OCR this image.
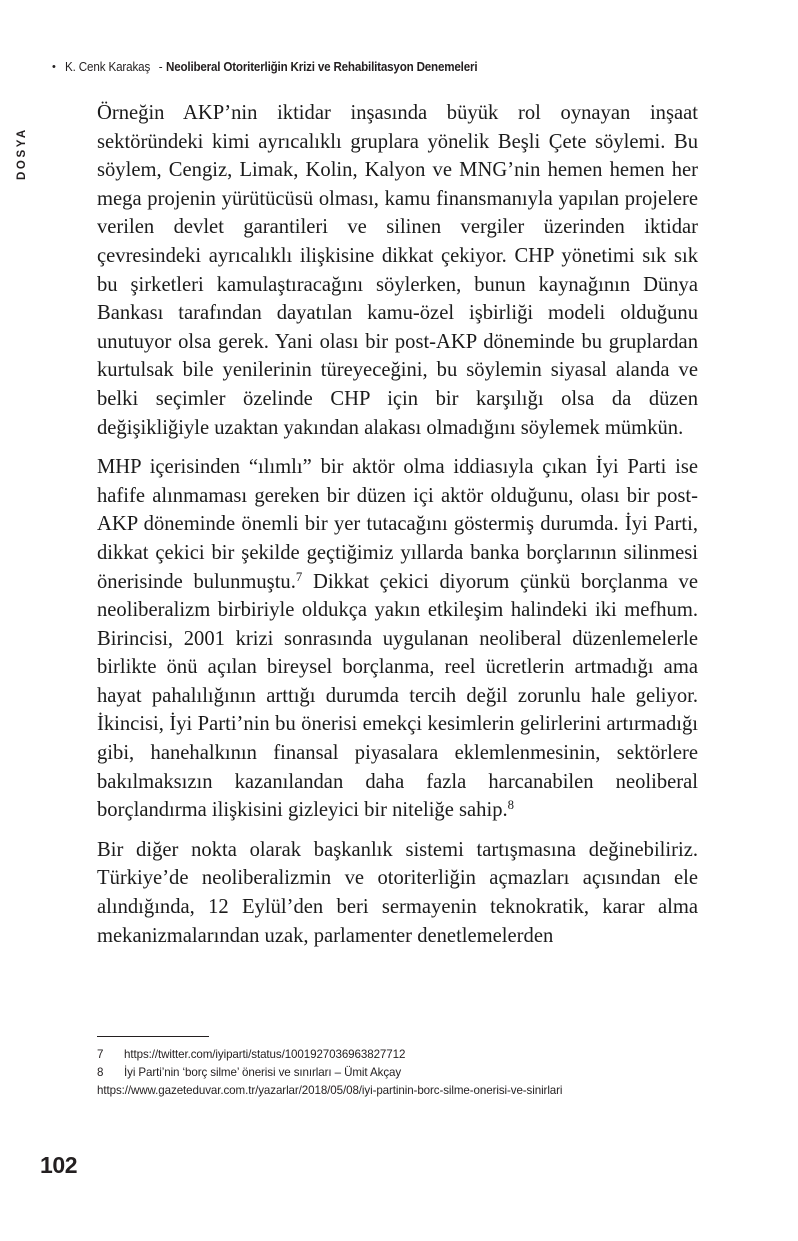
• K. Cenk Karakaş - Neoliberal Otoriterliğin Krizi ve Rehabilitasyon Denemeleri
DOSYA

Örneğin AKP’nin iktidar inşasında büyük rol oynayan inşaat sektöründeki kimi ayrıcalıklı gruplara yönelik Beşli Çete söylemi. Bu söylem, Cengiz, Limak, Kolin, Kalyon ve MNG’nin hemen hemen her mega projenin yürütücüsü olması, kamu finansmanıyla yapılan projelere verilen devlet garantileri ve silinen vergiler üzerinden iktidar çevresindeki ayrıcalıklı ilişkisine dikkat çekiyor. CHP yönetimi sık sık bu şirketleri kamulaştıracağını söylerken, bunun kaynağının Dünya Bankası tarafından dayatılan kamu-özel işbirliği modeli olduğunu unutuyor olsa gerek. Yani olası bir post-AKP döneminde bu gruplardan kurtulsak bile yenilerinin türeyeceğini, bu söylemin siyasal alanda ve belki seçimler özelinde CHP için bir karşılığı olsa da düzen değişikliğiyle uzaktan yakından alakası olmadığını söylemek mümkün.

MHP içerisinden “ılımlı” bir aktör olma iddiasıyla çıkan İyi Parti ise hafife alınmaması gereken bir düzen içi aktör olduğunu, olası bir post-AKP döneminde önemli bir yer tutacağını göstermiş durumda. İyi Parti, dikkat çekici bir şekilde geçtiğimiz yıllarda banka borçlarının silinmesi önerisinde bulunmuştu.$^7$ Dikkat çekici diyorum çünkü borçlanma ve neoliberalizm birbiriyle oldukça yakın etkileşim halindeki iki mefhum. Birincisi, 2001 krizi sonrasında uygulanan neoliberal düzenlemelerle birlikte önü açılan bireysel borçlanma, reel ücretlerin artmadığı ama hayat pahalılığının arttığı durumda tercih değil zorunlu hale geliyor. İkincisi, İyi Parti’nin bu önerisi emekçi kesimlerin gelirlerini artırmadığı gibi, hanehalkının finansal piyasalara eklemlenmesinin, sektörlere bakılmaksızın kazanılandan daha fazla harcanabilen neoliberal borçlandırma ilişkisini gizleyici bir niteliğe sahip.$^8$

Bir diğer nokta olarak başkanlık sistemi tartışmasına değinebiliriz. Türkiye’de neoliberalizmin ve otoriterliğin açmazları açısından ele alındığında, 12 Eylül’den beri sermayenin teknokratik, karar alma mekanizmalarından uzak, parlamenter denetlemelerden

7	https://twitter.com/iyiparti/status/1001927036963827712
8	İyi Parti’nin ‘borç silme’ önerisi ve sınırları – Ümit Akçay
https://www.gazeteduvar.com.tr/yazarlar/2018/05/08/iyi-partinin-borc-silme-onerisi-ve-sinirlari
102
